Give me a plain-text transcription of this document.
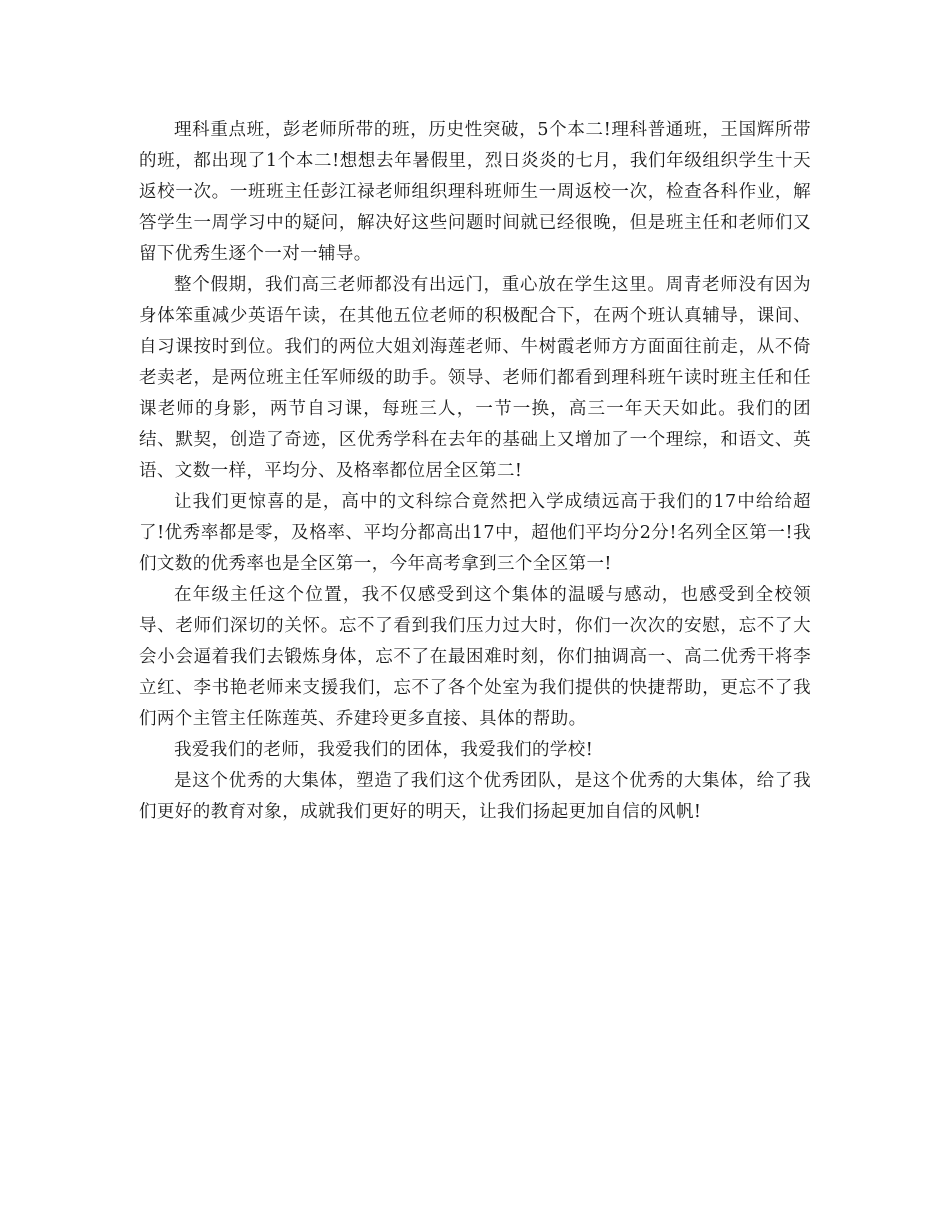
理科重点班，彭老师所带的班，历史性突破，5个本二!理科普通班，王国辉所带的班，都出现了1个本二!想想去年暑假里，烈日炎炎的七月，我们年级组织学生十天返校一次。一班班主任彭江禄老师组织理科班师生一周返校一次，检查各科作业，解答学生一周学习中的疑问，解决好这些问题时间就已经很晚，但是班主任和老师们又留下优秀生逐个一对一辅导。

整个假期，我们高三老师都没有出远门，重心放在学生这里。周青老师没有因为身体笨重减少英语午读，在其他五位老师的积极配合下，在两个班认真辅导，课间、自习课按时到位。我们的两位大姐刘海莲老师、牛树霞老师方方面面往前走，从不倚老卖老，是两位班主任军师级的助手。领导、老师们都看到理科班午读时班主任和任课老师的身影，两节自习课，每班三人，一节一换，高三一年天天如此。我们的团结、默契，创造了奇迹，区优秀学科在去年的基础上又增加了一个理综，和语文、英语、文数一样，平均分、及格率都位居全区第二!

让我们更惊喜的是，高中的文科综合竟然把入学成绩远高于我们的17中给给超了!优秀率都是零，及格率、平均分都高出17中，超他们平均分2分!名列全区第一!我们文数的优秀率也是全区第一，今年高考拿到三个全区第一!

在年级主任这个位置，我不仅感受到这个集体的温暖与感动，也感受到全校领导、老师们深切的关怀。忘不了看到我们压力过大时，你们一次次的安慰，忘不了大会小会逼着我们去锻炼身体，忘不了在最困难时刻，你们抽调高一、高二优秀干将李立红、李书艳老师来支援我们，忘不了各个处室为我们提供的快捷帮助，更忘不了我们两个主管主任陈莲英、乔建玲更多直接、具体的帮助。

我爱我们的老师，我爱我们的团体，我爱我们的学校!

是这个优秀的大集体，塑造了我们这个优秀团队，是这个优秀的大集体，给了我们更好的教育对象，成就我们更好的明天，让我们扬起更加自信的风帆!
